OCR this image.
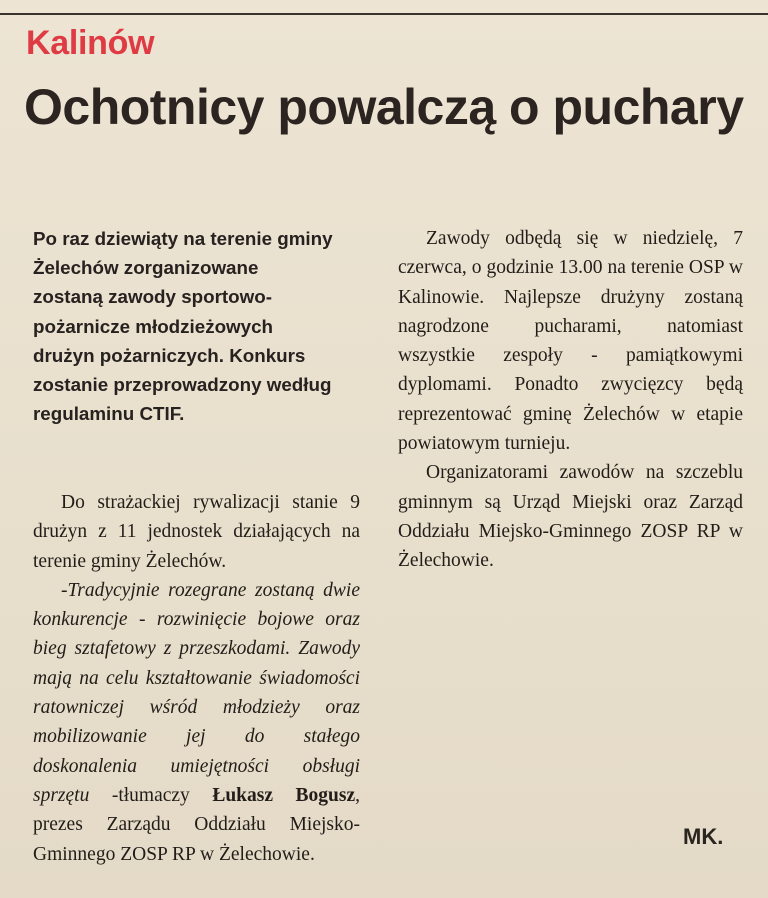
Kalinów
Ochotnicy powalczą o puchary

Po raz dziewiąty na terenie gminy Żelechów zorganizowane zostaną zawody sportowo-pożarnicze młodzieżowych drużyn pożarniczych. Konkurs zostanie przeprowadzony według regulaminu CTIF.

Do strażackiej rywalizacji stanie 9 drużyn z 11 jednostek działających na terenie gminy Żelechów.

-Tradycyjnie rozegrane zostaną dwie konkurencje - rozwinięcie bojowe oraz bieg sztafetowy z przeszkodami. Zawody mają na celu kształtowanie świadomości ratowniczej wśród młodzieży oraz mobilizowanie jej do stałego doskonalenia umiejętności obsługi sprzętu -tłumaczy Łukasz Bogusz, prezes Zarządu Oddziału Miejsko-Gminnego ZOSP RP w Żelechowie.

Zawody odbędą się w niedzielę, 7 czerwca, o godzinie 13.00 na terenie OSP w Kalinowie. Najlepsze drużyny zostaną nagrodzone pucharami, natomiast wszystkie zespoły - pamiątkowymi dyplomami. Ponadto zwycięzcy będą reprezentować gminę Żelechów w etapie powiatowym turnieju.

Organizatorami zawodów na szczeblu gminnym są Urząd Miejski oraz Zarząd Oddziału Miejsko-Gminnego ZOSP RP w Żelechowie.

MK.
